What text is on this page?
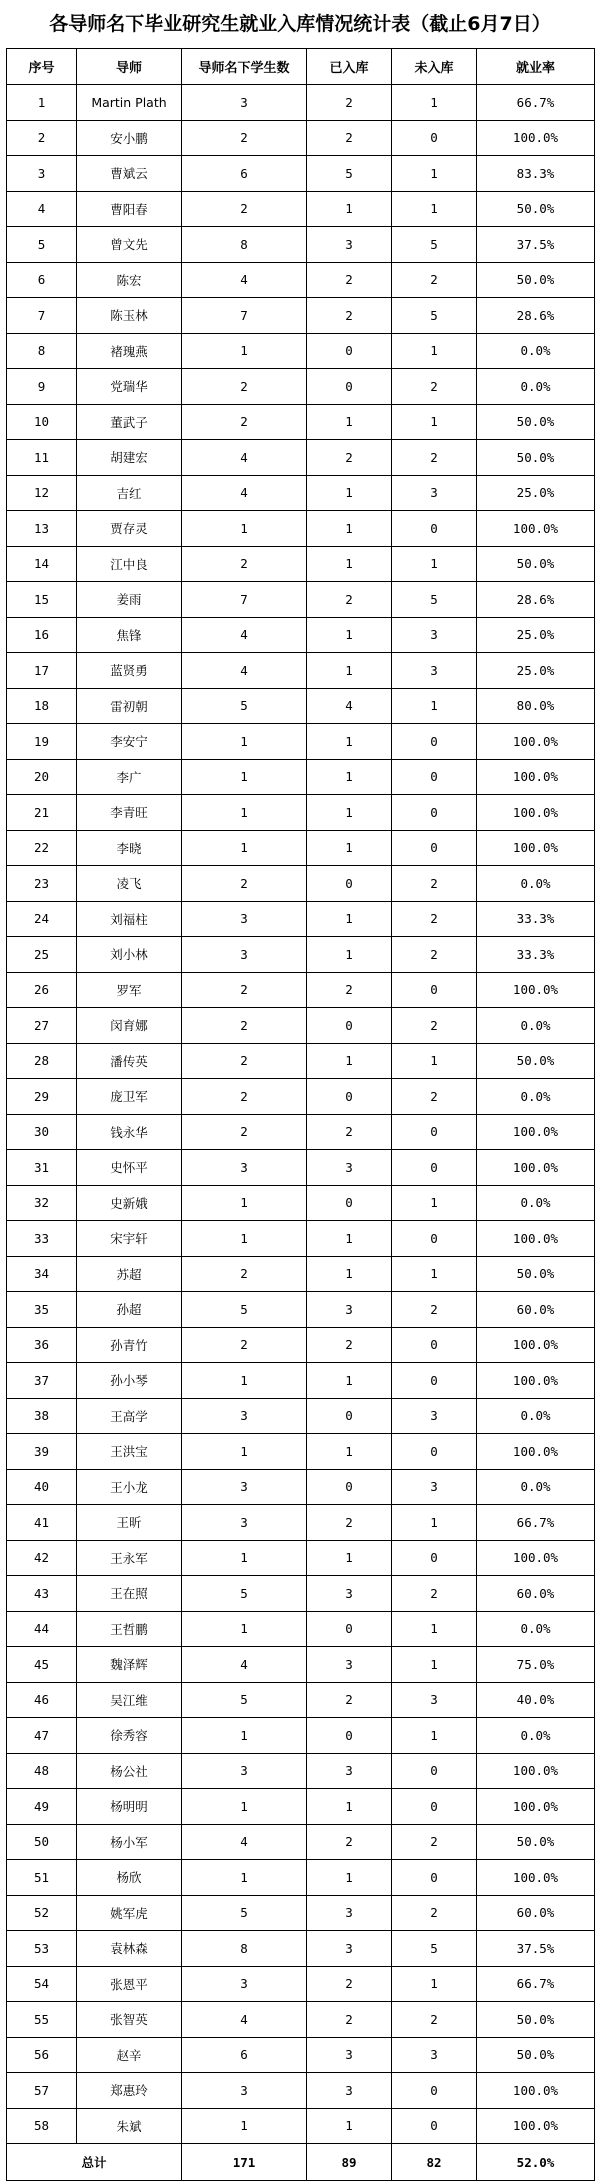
各导师名下毕业研究生就业入库情况统计表（截止6月7日）
序号	导师	导师名下学生数	已入库	未入库	就业率
1	Martin Plath	3	2	1	66.7%
2	安小鹏	2	2	0	100.0%
3	曹斌云	6	5	1	83.3%
4	曹阳春	2	1	1	50.0%
5	曾文先	8	3	5	37.5%
6	陈宏	4	2	2	50.0%
7	陈玉林	7	2	5	28.6%
8	褚瑰燕	1	0	1	0.0%
9	党瑞华	2	0	2	0.0%
10	董武子	2	1	1	50.0%
11	胡建宏	4	2	2	50.0%
12	吉红	4	1	3	25.0%
13	贾存灵	1	1	0	100.0%
14	江中良	2	1	1	50.0%
15	姜雨	7	2	5	28.6%
16	焦锋	4	1	3	25.0%
17	蓝贤勇	4	1	3	25.0%
18	雷初朝	5	4	1	80.0%
19	李安宁	1	1	0	100.0%
20	李广	1	1	0	100.0%
21	李青旺	1	1	0	100.0%
22	李晓	1	1	0	100.0%
23	凌飞	2	0	2	0.0%
24	刘福柱	3	1	2	33.3%
25	刘小林	3	1	2	33.3%
26	罗军	2	2	0	100.0%
27	闵育娜	2	0	2	0.0%
28	潘传英	2	1	1	50.0%
29	庞卫军	2	0	2	0.0%
30	钱永华	2	2	0	100.0%
31	史怀平	3	3	0	100.0%
32	史新娥	1	0	1	0.0%
33	宋宇轩	1	1	0	100.0%
34	苏超	2	1	1	50.0%
35	孙超	5	3	2	60.0%
36	孙青竹	2	2	0	100.0%
37	孙小琴	1	1	0	100.0%
38	王高学	3	0	3	0.0%
39	王洪宝	1	1	0	100.0%
40	王小龙	3	0	3	0.0%
41	王昕	3	2	1	66.7%
42	王永军	1	1	0	100.0%
43	王在照	5	3	2	60.0%
44	王哲鹏	1	0	1	0.0%
45	魏泽辉	4	3	1	75.0%
46	吴江维	5	2	3	40.0%
47	徐秀容	1	0	1	0.0%
48	杨公社	3	3	0	100.0%
49	杨明明	1	1	0	100.0%
50	杨小军	4	2	2	50.0%
51	杨欣	1	1	0	100.0%
52	姚军虎	5	3	2	60.0%
53	袁林森	8	3	5	37.5%
54	张恩平	3	2	1	66.7%
55	张智英	4	2	2	50.0%
56	赵辛	6	3	3	50.0%
57	郑惠玲	3	3	0	100.0%
58	朱斌	1	1	0	100.0%
总计		171	89	82	52.0%
